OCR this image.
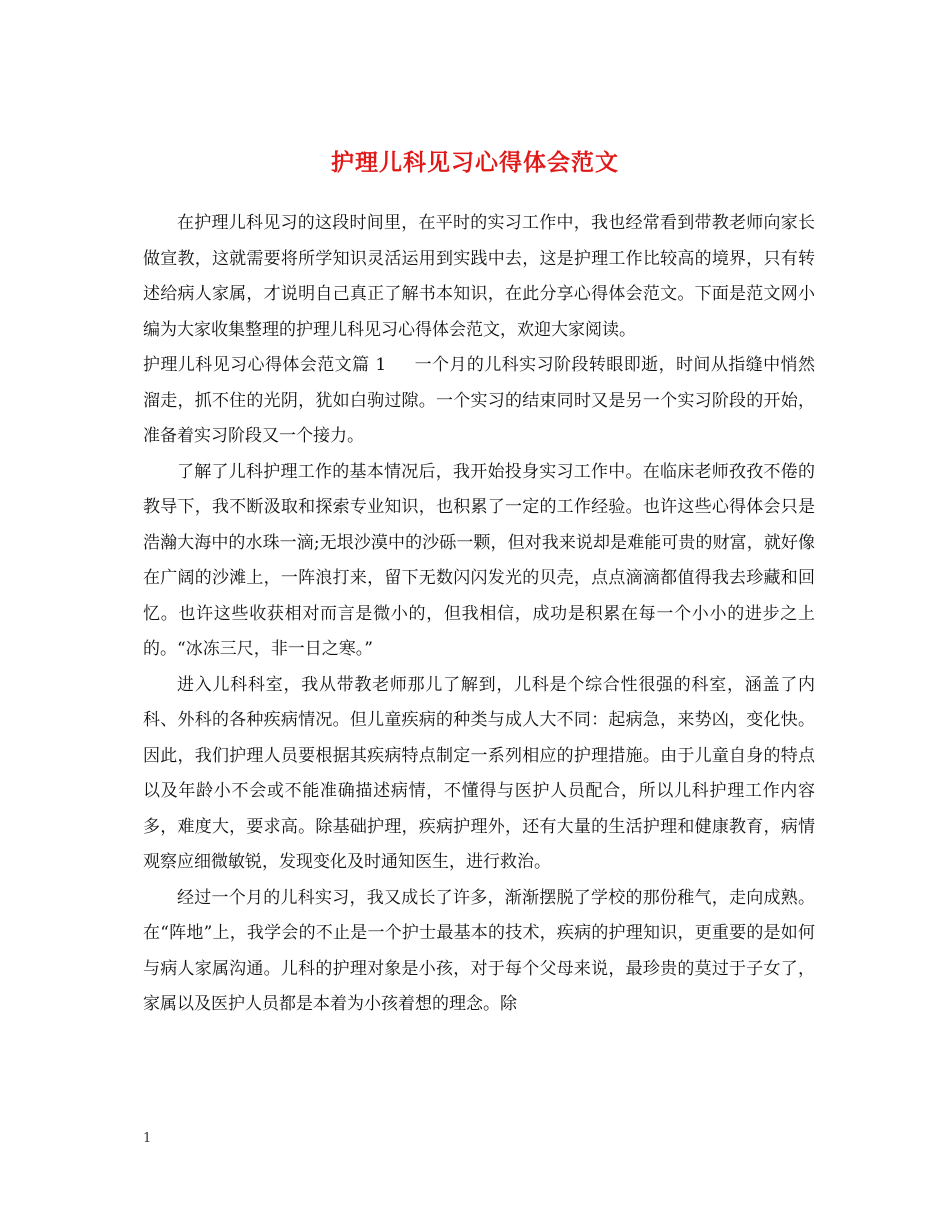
护理儿科见习心得体会范文

在护理儿科见习的这段时间里，在平时的实习工作中，我也经常看到带教老师向家长做宣教，这就需要将所学知识灵活运用到实践中去，这是护理工作比较高的境界，只有转述给病人家属，才说明自己真正了解书本知识，在此分享心得体会范文。下面是范文网小编为大家收集整理的护理儿科见习心得体会范文，欢迎大家阅读。

护理儿科见习心得体会范文篇 1 一个月的儿科实习阶段转眼即逝，时间从指缝中悄然溜走，抓不住的光阴，犹如白驹过隙。一个实习的结束同时又是另一个实习阶段的开始，准备着实习阶段又一个接力。

了解了儿科护理工作的基本情况后，我开始投身实习工作中。在临床老师孜孜不倦的教导下，我不断汲取和探索专业知识，也积累了一定的工作经验。也许这些心得体会只是浩瀚大海中的水珠一滴;无垠沙漠中的沙砾一颗，但对我来说却是难能可贵的财富，就好像在广阔的沙滩上，一阵浪打来，留下无数闪闪发光的贝壳，点点滴滴都值得我去珍藏和回忆。也许这些收获相对而言是微小的，但我相信，成功是积累在每一个小小的进步之上的。“冰冻三尺，非一日之寒。”

进入儿科科室，我从带教老师那儿了解到，儿科是个综合性很强的科室，涵盖了内科、外科的各种疾病情况。但儿童疾病的种类与成人大不同：起病急，来势凶，变化快。因此，我们护理人员要根据其疾病特点制定一系列相应的护理措施。由于儿童自身的特点以及年龄小不会或不能准确描述病情，不懂得与医护人员配合，所以儿科护理工作内容多，难度大，要求高。除基础护理，疾病护理外，还有大量的生活护理和健康教育，病情观察应细微敏锐，发现变化及时通知医生，进行救治。

经过一个月的儿科实习，我又成长了许多，渐渐摆脱了学校的那份稚气，走向成熟。在“阵地”上，我学会的不止是一个护士最基本的技术，疾病的护理知识，更重要的是如何与病人家属沟通。儿科的护理对象是小孩，对于每个父母来说，最珍贵的莫过于子女了，家属以及医护人员都是本着为小孩着想的理念。除

1
